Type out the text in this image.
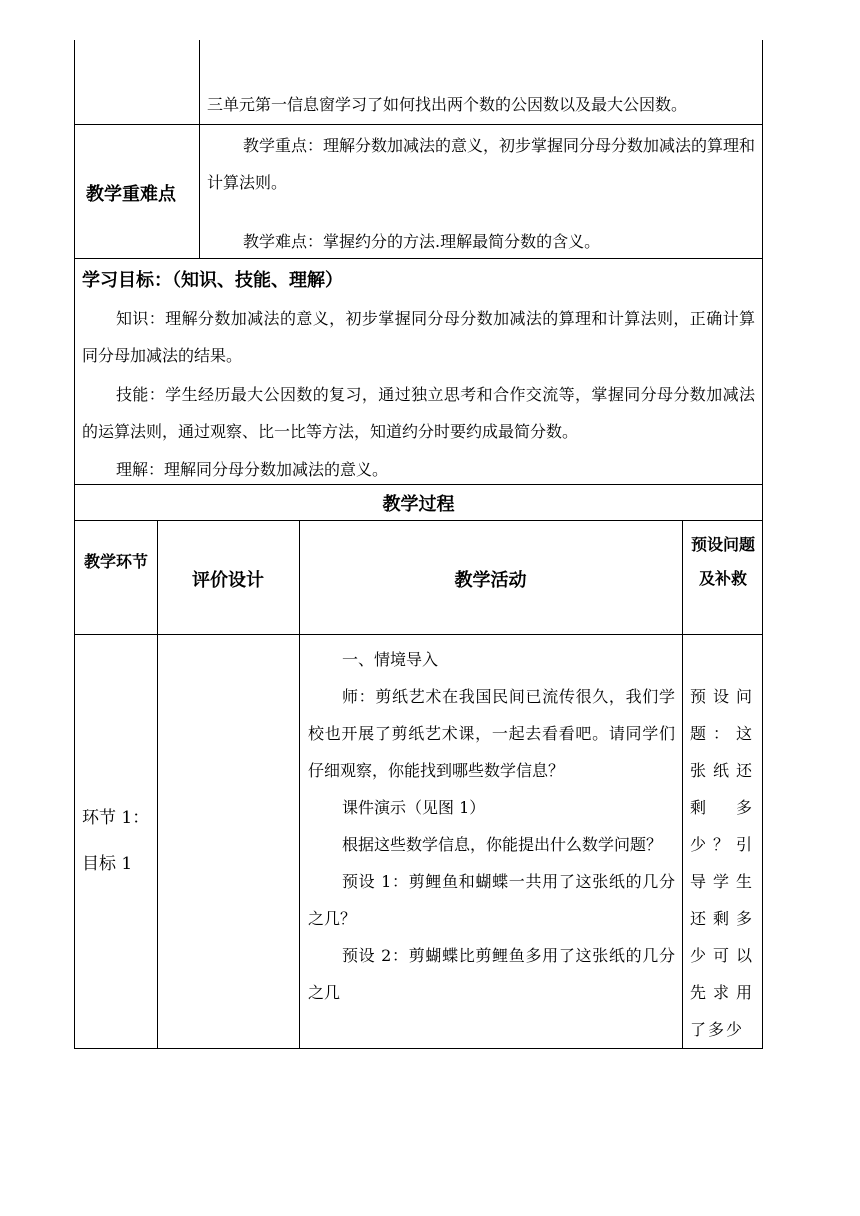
三单元第一信息窗学习了如何找出两个数的公因数以及最大公因数。
教学重难点
教学重点：理解分数加减法的意义，初步掌握同分母分数加减法的算理和计算法则。
教学难点：掌握约分的方法.理解最简分数的含义。
学习目标：（知识、技能、理解）
知识：理解分数加减法的意义，初步掌握同分母分数加减法的算理和计算法则，正确计算同分母加减法的结果。
技能：学生经历最大公因数的复习，通过独立思考和合作交流等，掌握同分母分数加减法的运算法则，通过观察、比一比等方法，知道约分时要约成最简分数。
理解：理解同分母分数加减法的意义。
教学过程
教学环节
评价设计	教学活动
预设问题及补救
环节 1：
目标 1
一、情境导入
师：剪纸艺术在我国民间已流传很久，我们学校也开展了剪纸艺术课，一起去看看吧。请同学们仔细观察，你能找到哪些数学信息？
课件演示（见图 1）
根据这些数学信息，你能提出什么数学问题？
预设 1：剪鲤鱼和蝴蝶一共用了这张纸的几分之几？
预设 2：剪蝴蝶比剪鲤鱼多用了这张纸的几分之几
预设问题：这张纸还剩多少？引导学生还剩多少可以先求用了多少
